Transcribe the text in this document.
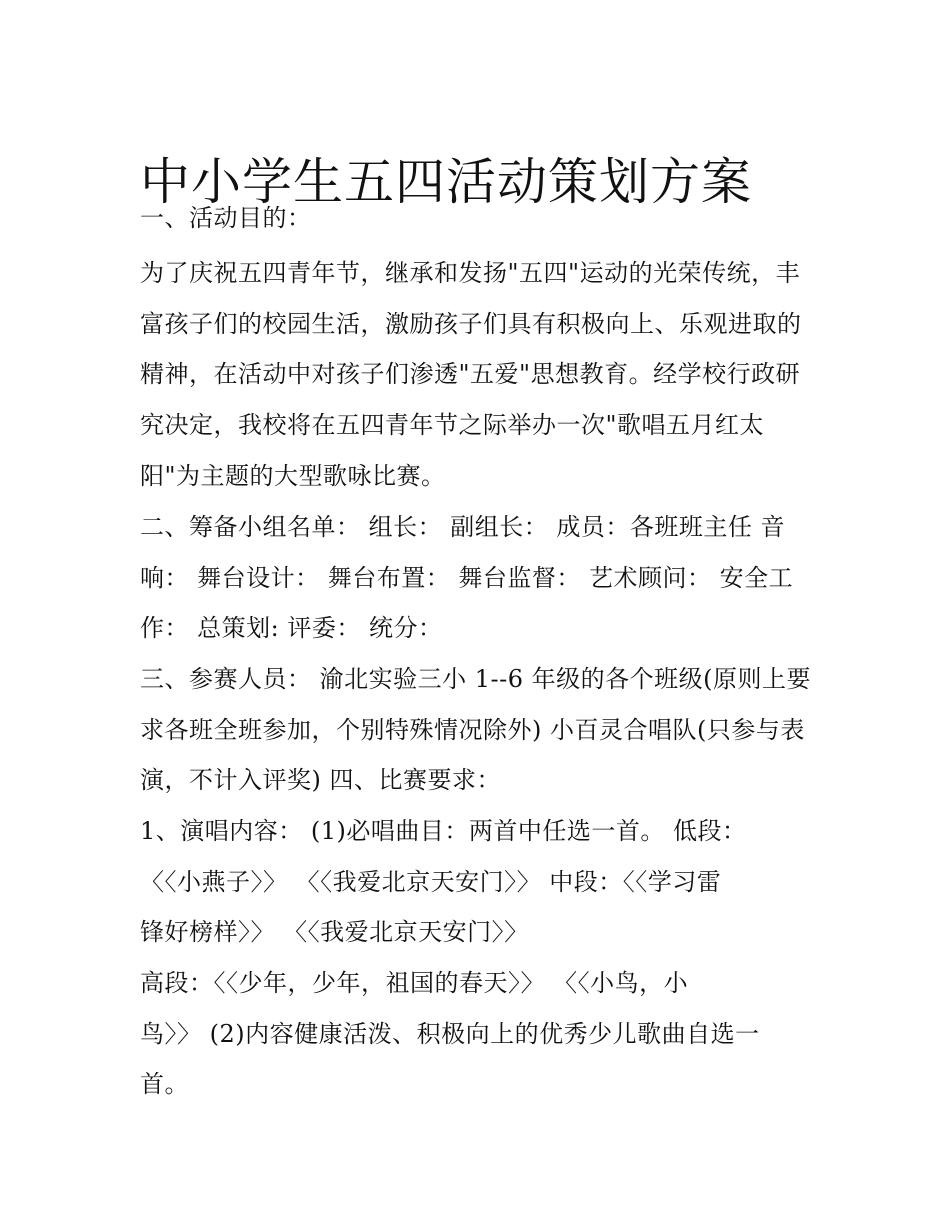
中小学生五四活动策划方案
一、活动目的：
为了庆祝五四青年节，继承和发扬"五四"运动的光荣传统，丰
富孩子们的校园生活，激励孩子们具有积极向上、乐观进取的
精神，在活动中对孩子们渗透"五爱"思想教育。经学校行政研
究决定，我校将在五四青年节之际举办一次"歌唱五月红太
阳"为主题的大型歌咏比赛。
二、筹备小组名单： 组长： 副组长： 成员：各班班主任 音
响： 舞台设计： 舞台布置： 舞台监督： 艺术顾问： 安全工
作： 总策划: 评委： 统分：
三、参赛人员： 渝北实验三小 1--6 年级的各个班级(原则上要
求各班全班参加，个别特殊情况除外) 小百灵合唱队(只参与表
演，不计入评奖) 四、比赛要求：
1、演唱内容： (1)必唱曲目：两首中任选一首。 低段：
〈〈小燕子〉〉 〈〈我爱北京天安门〉〉 中段：〈〈学习雷
锋好榜样〉〉 〈〈我爱北京天安门〉〉
高段：〈〈少年，少年，祖国的春天〉〉 〈〈小鸟，小
鸟〉〉 (2)内容健康活泼、积极向上的优秀少儿歌曲自选一
首。
